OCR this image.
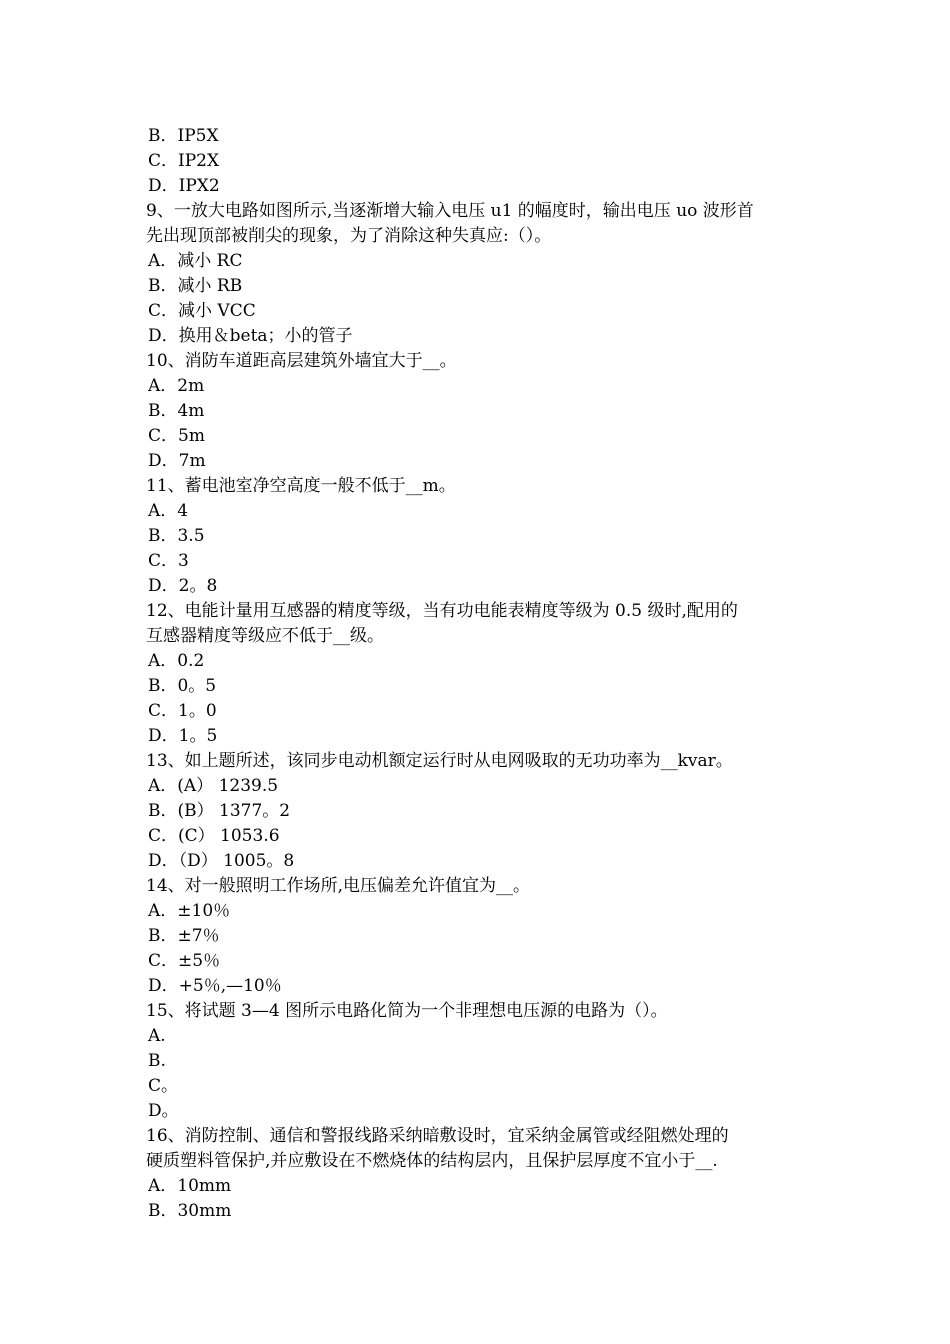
B．IP5X
C．IP2X
D．IPX2
9、一放大电路如图所示,当逐渐增大输入电压 u1 的幅度时，输出电压 uo 波形首
先出现顶部被削尖的现象，为了消除这种失真应:（）。
A．减小 RC
B．减小 RB
C．减小 VCC
D．换用＆beta；小的管子
10、消防车道距高层建筑外墙宜大于__。
A．2m
B．4m
C．5m
D．7m
11、蓄电池室净空高度一般不低于__m。
A．4
B．3.5
C．3
D．2。8
12、电能计量用互感器的精度等级，当有功电能表精度等级为 0.5 级时,配用的
互感器精度等级应不低于__级。
A．0.2
B．0。5
C．1。0
D．1。5
13、如上题所述，该同步电动机额定运行时从电网吸取的无功功率为__kvar。
A．(A） 1239.5
B．(B） 1377。2
C．(C） 1053.6
D．（D） 1005。8
14、对一般照明工作场所,电压偏差允许值宜为__。
A．±10％
B．±7％
C．±5％
D．+5％,—10％
15、将试题 3—4 图所示电路化简为一个非理想电压源的电路为（）。
A.
B.
C。
D。
16、消防控制、通信和警报线路采纳暗敷设时，宜采纳金属管或经阻燃处理的
硬质塑料管保护,并应敷设在不燃烧体的结构层内，且保护层厚度不宜小于__.
A．10mm
B．30mm
